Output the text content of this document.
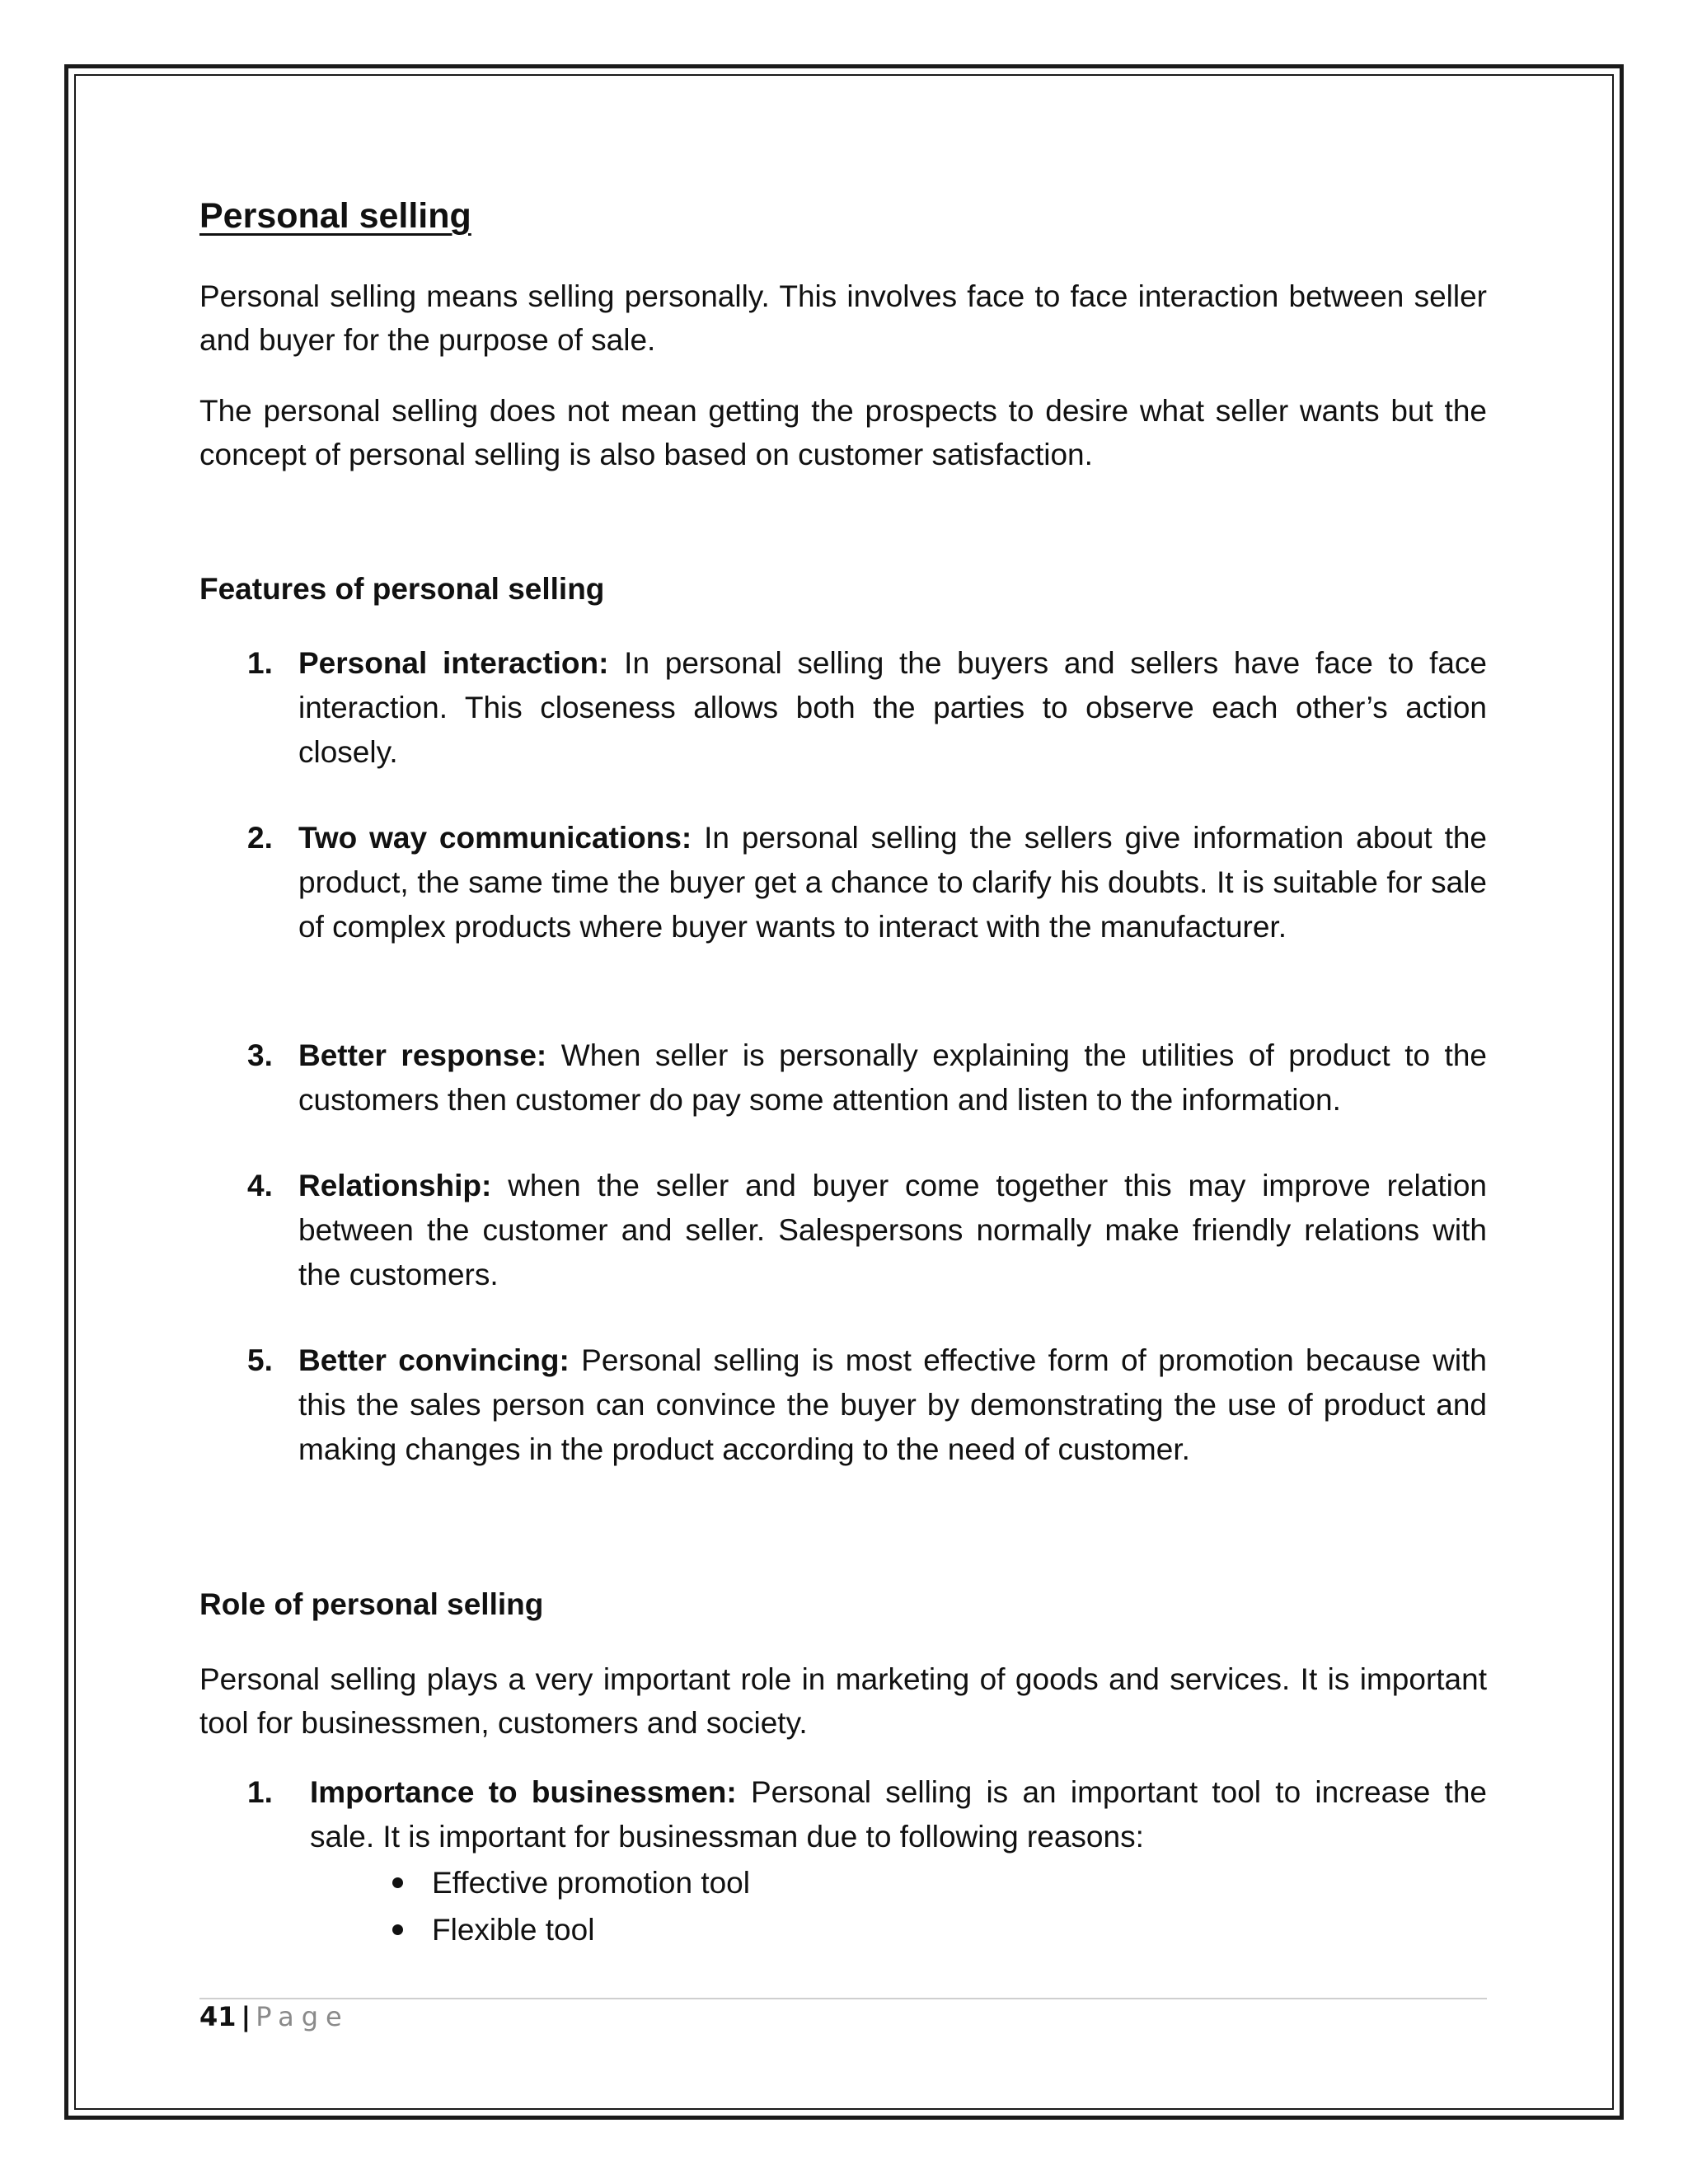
Personal selling

Personal selling means selling personally. This involves face to face interaction between seller and buyer for the purpose of sale.

The personal selling does not mean getting the prospects to desire what seller wants but the concept of personal selling is also based on customer satisfaction.

Features of personal selling
1. Personal interaction: In personal selling the buyers and sellers have face to face interaction. This closeness allows both the parties to observe each other’s action closely.
2. Two way communications: In personal selling the sellers give information about the product, the same time the buyer get a chance to clarify his doubts. It is suitable for sale of complex products where buyer wants to interact with the manufacturer.
3. Better response: When seller is personally explaining the utilities of product to the customers then customer do pay some attention and listen to the information.
4. Relationship: when the seller and buyer come together this may improve relation between the customer and seller. Salespersons normally make friendly relations with the customers.
5. Better convincing: Personal selling is most effective form of promotion because with this the sales person can convince the buyer by demonstrating the use of product and making changes in the product according to the need of customer.
Role of personal selling

Personal selling plays a very important role in marketing of goods and services. It is important tool for businessmen, customers and society.

1. Importance to businessmen: Personal selling is an important tool to increase the sale. It is important for businessman due to following reasons:
Effective promotion tool
Flexible tool
41 | Page
